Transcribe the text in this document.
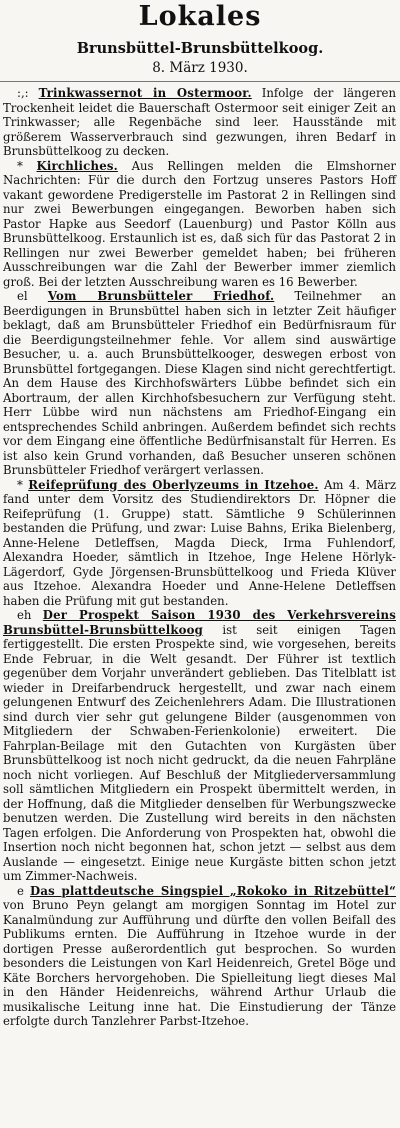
Lokales
Brunsbüttel-Brunsbüttelkoog.
8. März 1930.

:,: Trinkwassernot in Ostermoor. Infolge der längeren Trockenheit leidet die Bauerschaft Ostermoor seit einiger Zeit an Trinkwasser; alle Regenbäche sind leer. Hausstände mit größerem Wasserverbrauch sind gezwungen, ihren Bedarf in Brunsbüttelkoog zu decken.

* Kirchliches. Aus Rellingen melden die Elmshorner Nachrichten: Für die durch den Fortzug unseres Pastors Hoff vakant gewordene Predigerstelle im Pastorat 2 in Rellingen sind nur zwei Bewerbungen eingegangen. Beworben haben sich Pastor Hapke aus Seedorf (Lauenburg) und Pastor Kölln aus Brunsbüttelkoog. Erstaunlich ist es, daß sich für das Pastorat 2 in Rellingen nur zwei Bewerber gemeldet haben; bei früheren Ausschreibungen war die Zahl der Bewerber immer ziemlich groß. Bei der letzten Ausschreibung waren es 16 Bewerber.

el Vom Brunsbütteler Friedhof. Teilnehmer an Beerdigungen in Brunsbüttel haben sich in letzter Zeit häufiger beklagt, daß am Brunsbütteler Friedhof ein Bedürfnisraum für die Beerdigungsteilnehmer fehle. Vor allem sind auswärtige Besucher, u. a. auch Brunsbüttelkooger, deswegen erbost von Brunsbüttel fortgegangen. Diese Klagen sind nicht gerechtfertigt. An dem Hause des Kirchhofswärters Lübbe befindet sich ein Abortraum, der allen Kirchhofsbesuchern zur Verfügung steht. Herr Lübbe wird nun nächstens am Friedhof-Eingang ein entsprechendes Schild anbringen. Außerdem befindet sich rechts vor dem Eingang eine öffentliche Bedürfnisanstalt für Herren. Es ist also kein Grund vorhanden, daß Besucher unseren schönen Brunsbütteler Friedhof verärgert verlassen.

* Reifeprüfung des Oberlyzeums in Itzehoe. Am 4. März fand unter dem Vorsitz des Studiendirektors Dr. Höpner die Reifeprüfung (1. Gruppe) statt. Sämtliche 9 Schülerinnen bestanden die Prüfung, und zwar: Luise Bahns, Erika Bielenberg, Anne-Helene Detleffsen, Magda Dieck, Irma Fuhlendorf, Alexandra Hoeder, sämtlich in Itzehoe, Inge Helene Hörlyk-Lägerdorf, Gyde Jörgensen-Brunsbüttelkoog und Frieda Klüver aus Itzehoe. Alexandra Hoeder und Anne-Helene Detleffsen haben die Prüfung mit gut bestanden.

eh Der Prospekt Saison 1930 des Verkehrsvereins Brunsbüttel-Brunsbüttelkoog ist seit einigen Tagen fertiggestellt. Die ersten Prospekte sind, wie vorgesehen, bereits Ende Februar, in die Welt gesandt. Der Führer ist textlich gegenüber dem Vorjahr unverändert geblieben. Das Titelblatt ist wieder in Dreifarbendruck hergestellt, und zwar nach einem gelungenen Entwurf des Zeichenlehrers Adam. Die Illustrationen sind durch vier sehr gut gelungene Bilder (ausgenommen von Mitgliedern der Schwaben-Ferienkolonie) erweitert. Die Fahrplan-Beilage mit den Gutachten von Kurgästen über Brunsbüttelkoog ist noch nicht gedruckt, da die neuen Fahrpläne noch nicht vorliegen. Auf Beschluß der Mitgliederversammlung soll sämtlichen Mitgliedern ein Prospekt übermittelt werden, in der Hoffnung, daß die Mitglieder denselben für Werbungszwecke benutzen werden. Die Zustellung wird bereits in den nächsten Tagen erfolgen. Die Anforderung von Prospekten hat, obwohl die Insertion noch nicht begonnen hat, schon jetzt — selbst aus dem Auslande — eingesetzt. Einige neue Kurgäste bitten schon jetzt um Zimmer-Nachweis.

e Das plattdeutsche Singspiel „Rokoko in Ritzebüttel“ von Bruno Peyn gelangt am morgigen Sonntag im Hotel zur Kanalmündung zur Aufführung und dürfte den vollen Beifall des Publikums ernten. Die Aufführung in Itzehoe wurde in der dortigen Presse außerordentlich gut besprochen. So wurden besonders die Leistungen von Karl Heidenreich, Gretel Böge und Käte Borchers hervorgehoben. Die Spielleitung liegt dieses Mal in den Händer Heidenreichs, während Arthur Urlaub die musikalische Leitung inne hat. Die Einstudierung der Tänze erfolgte durch Tanzlehrer Parbst-Itzehoe.
